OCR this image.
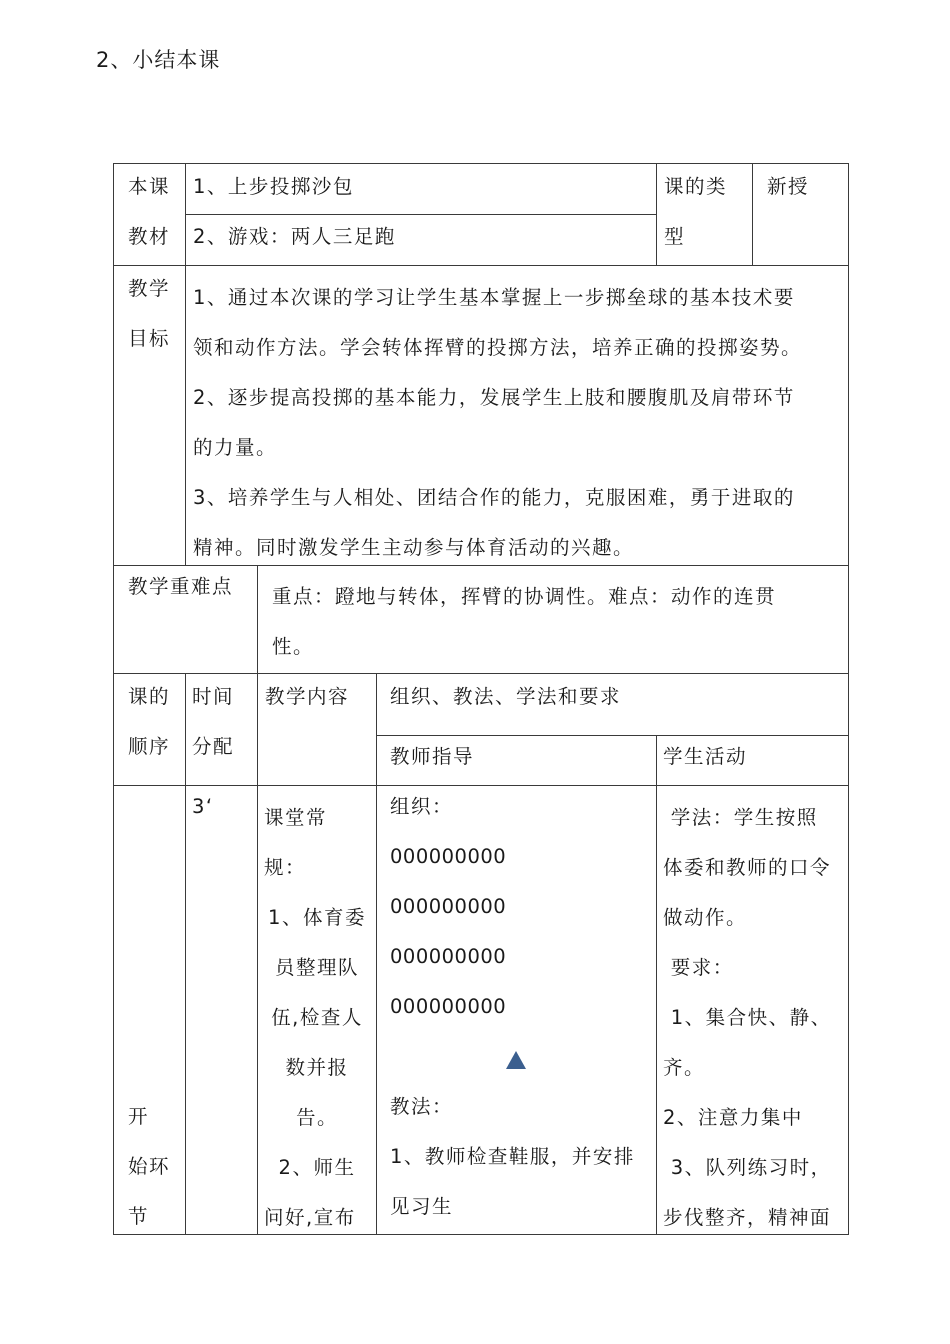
2、小结本课
本课
教材
1、上步投掷沙包
2、游戏：两人三足跑
课的类
型
新授
教学
目标
1、通过本次课的学习让学生基本掌握上一步掷垒球的基本技术要
领和动作方法。学会转体挥臂的投掷方法，培养正确的投掷姿势。
2、逐步提高投掷的基本能力，发展学生上肢和腰腹肌及肩带环节
的力量。
3、培养学生与人相处、团结合作的能力，克服困难，勇于进取的
精神。同时激发学生主动参与体育活动的兴趣。
教学重难点 重点：蹬地与转体，挥臂的协调性。难点：动作的连贯
性。
课的
顺序
时间
分配
教学内容 组织、教法、学法和要求
教师指导	学生活动
开
始环
节
3‘	课堂常
规：
1、体育委
员整理队
伍,检查人
数并报
告。
2、师生
问好,宣布
组织：
000000000
000000000
000000000
000000000
教法：
1、教师检查鞋服，并安排
见习生
学法：学生按照
体委和教师的口令
做动作。
要求：
1、集合快、静、
齐。
2、注意力集中
3、队列练习时，
步伐整齐，精神面
